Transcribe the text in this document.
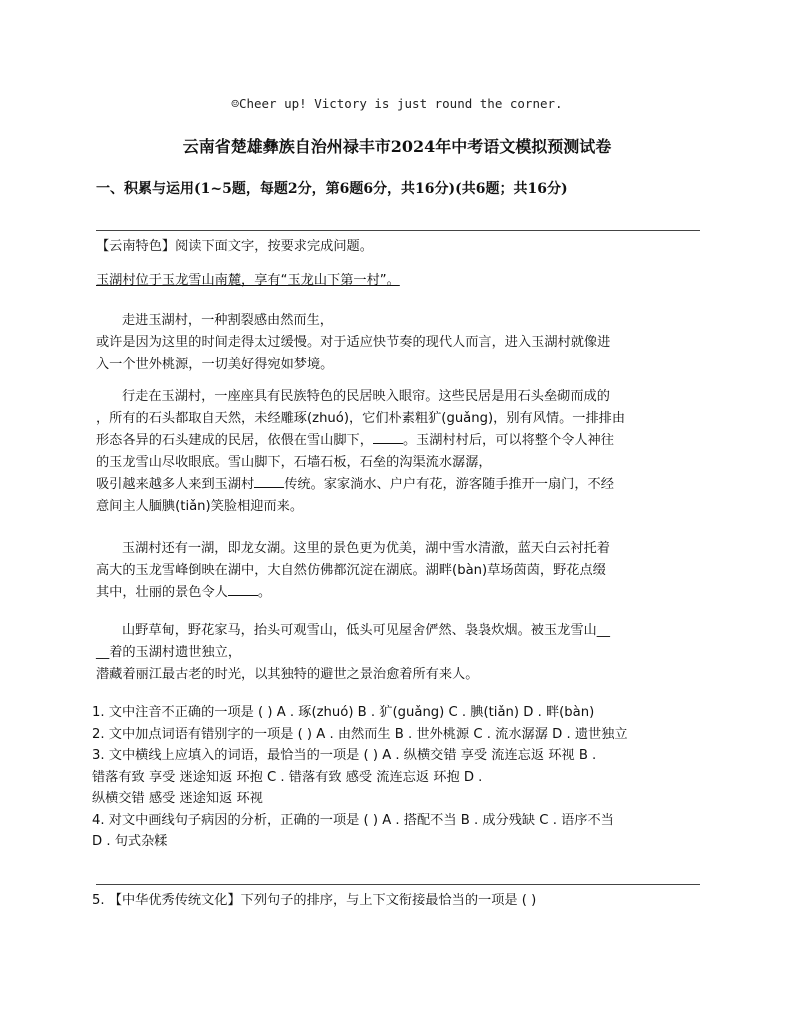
☺Cheer up! Victory is just round the corner.
云南省楚雄彝族自治州禄丰市2024年中考语文模拟预测试卷
一、积累与运用(1~5题，每题2分，第6题6分，共16分)(共6题；共16分)
【云南特色】阅读下面文字，按要求完成问题。
玉湖村位于玉龙雪山南麓，享有“玉龙山下第一村”。
走进玉湖村，一种割裂感由然而生，
或许是因为这里的时间走得太过缓慢。对于适应快节奏的现代人而言，进入玉湖村就像进
入一个世外桃源，一切美好得宛如梦境。
行走在玉湖村，一座座具有民族特色的民居映入眼帘。这些民居是用石头垒砌而成的
，所有的石头都取自天然，未经雕琢(zhuó)，它们朴素粗犷(guǎng)，别有风情。一排排由
形态各异的石头建成的民居，依偎在雪山脚下， 。玉湖村村后，可以将整个令人神往
的玉龙雪山尽收眼底。雪山脚下，石墙石板，石垒的沟渠流水潺潺，
吸引越来越多人来到玉湖村 传统。家家淌水、户户有花，游客随手推开一扇门，不经
意间主人腼腆(tiǎn)笑脸相迎而来。
玉湖村还有一湖，即龙女湖。这里的景色更为优美，湖中雪水清澈，蓝天白云衬托着
高大的玉龙雪峰倒映在湖中，大自然仿佛都沉淀在湖底。湖畔(bàn)草场茵茵，野花点缀
其中，壮丽的景色令人 。
山野草甸，野花家马，抬头可观雪山，低头可见屋舍俨然、袅袅炊烟。被玉龙雪山__
__着的玉湖村遗世独立，
潜藏着丽江最古老的时光，以其独特的避世之景治愈着所有来人。
1. 文中注音不正确的一项是 ( ) A . 琢(zhuó) B . 犷(guǎng) C . 腆(tiǎn) D . 畔(bàn)
2. 文中加点词语有错别字的一项是 ( ) A . 由然而生 B . 世外桃源 C . 流水潺潺 D . 遗世独立
3. 文中横线上应填入的词语，最恰当的一项是 ( ) A . 纵横交错 享受 流连忘返 环视 B .
错落有致 享受 迷途知返 环抱 C . 错落有致 感受 流连忘返 环抱 D .
纵横交错 感受 迷途知返 环视
4. 对文中画线句子病因的分析，正确的一项是 ( ) A . 搭配不当 B . 成分残缺 C . 语序不当
D . 句式杂糅
5. 【中华优秀传统文化】下列句子的排序，与上下文衔接最恰当的一项是 ( )
